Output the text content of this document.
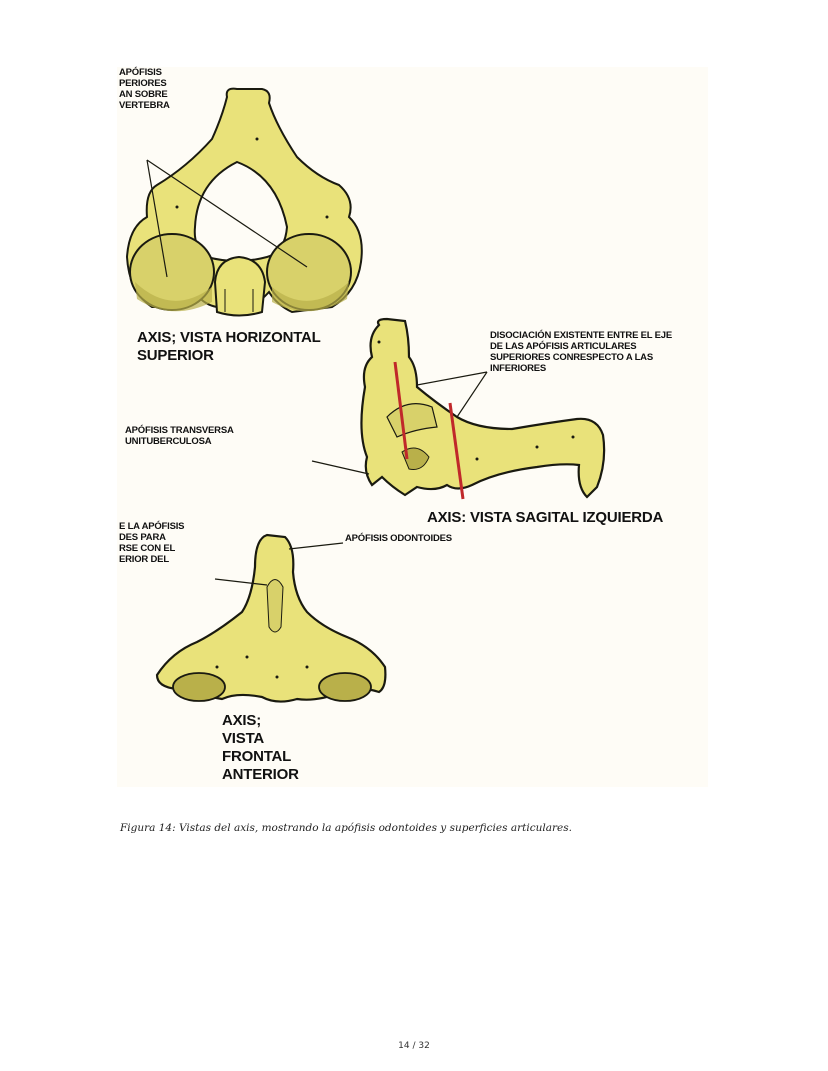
APÓFISIS
PERIORES
AN SOBRE
VERTEBRA
AXIS; VISTA HORIZONTAL
SUPERIOR
DISOCIACIÓN EXISTENTE ENTRE EL EJE
DE LAS APÓFISIS ARTICULARES
SUPERIORES CONRESPECTO A LAS
INFERIORES
APÓFISIS TRANSVERSA
UNITUBERCULOSA
AXIS: VISTA SAGITAL IZQUIERDA
E LA APÓFISIS
DES PARA
RSE CON EL
ERIOR DEL
APÓFISIS ODONTOIDES
AXIS;
VISTA
FRONTAL
ANTERIOR
Figura 14: Vistas del axis, mostrando la apófisis odontoides y superficies articulares.
14 / 32
